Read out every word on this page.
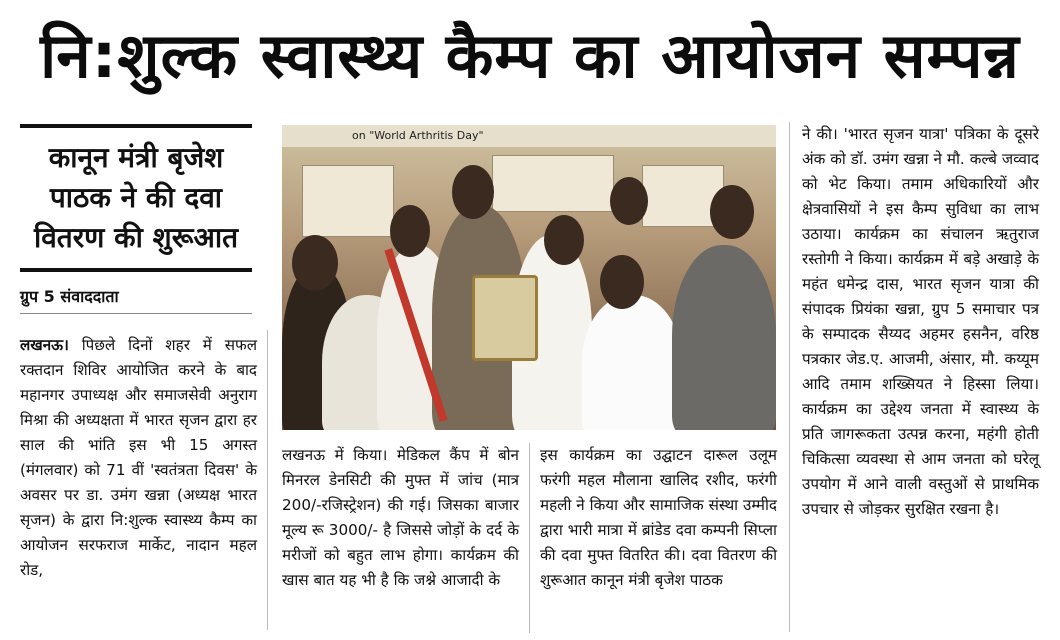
नि:शुल्क स्वास्थ्य कैम्प का आयोजन सम्पन्न
कानून मंत्री बृजेश पाठक ने की दवा वितरण की शुरूआत
ग्रुप 5 संवाददाता
on "World Arthritis Day"

लखनऊ। पिछले दिनों शहर में सफल रक्तदान शिविर आयोजित करने के बाद महानगर उपाध्यक्ष और समाजसेवी अनुराग मिश्रा की अध्यक्षता में भारत सृजन द्वारा हर साल की भांति इस भी 15 अगस्त (मंगलवार) को 71 वीं 'स्वतंत्रता दिवस' के अवसर पर डा. उमंग खन्ना (अध्यक्ष भारत सृजन) के द्वारा नि:शुल्क स्वास्थ्य कैम्प का आयोजन सरफराज मार्केट, नादान महल रोड,

लखनऊ में किया। मेडिकल कैंप में बोन मिनरल डेनसिटी की मुफ्त में जांच (मात्र 200/-रजिस्ट्रेशन) की गई। जिसका बाजार मूल्य रू 3000/- है जिससे जोड़ों के दर्द के मरीजों को बहुत लाभ होगा। कार्यक्रम की खास बात यह भी है कि जश्ने आजादी के

इस कार्यक्रम का उद्घाटन दारूल उलूम फरंगी महल मौलाना खालिद रशीद, फरंगी महली ने किया और सामाजिक संस्था उम्मीद द्वारा भारी मात्रा में ब्रांडेड दवा कम्पनी सिप्ला की दवा मुफ्त वितरित की। दवा वितरण की शुरूआत कानून मंत्री बृजेश पाठक

ने की। 'भारत सृजन यात्रा' पत्रिका के दूसरे अंक को डॉ. उमंग खन्ना ने मौ. कल्बे जव्वाद को भेट किया। तमाम अधिकारियों और क्षेत्रवासियों ने इस कैम्प सुविधा का लाभ उठाया। कार्यक्रम का संचालन ऋतुराज रस्तोगी ने किया। कार्यक्रम में बड़े अखाड़े के महंत धमेन्द्र दास, भारत सृजन यात्रा की संपादक प्रियंका खन्ना, ग्रुप 5 समाचार पत्र के सम्पादक सैय्यद अहमर हसनैन, वरिष्ठ पत्रकार जेड.ए. आजमी, अंसार, मौ. कय्यूम आदि तमाम शख्सियत ने हिस्सा लिया। कार्यक्रम का उद्देश्य जनता में स्वास्थ्य के प्रति जागरूकता उत्पन्न करना, महंगी होती चिकित्सा व्यवस्था से आम जनता को घरेलू उपयोग में आने वाली वस्तुओं से प्राथमिक उपचार से जोड़कर सुरक्षित रखना है।
